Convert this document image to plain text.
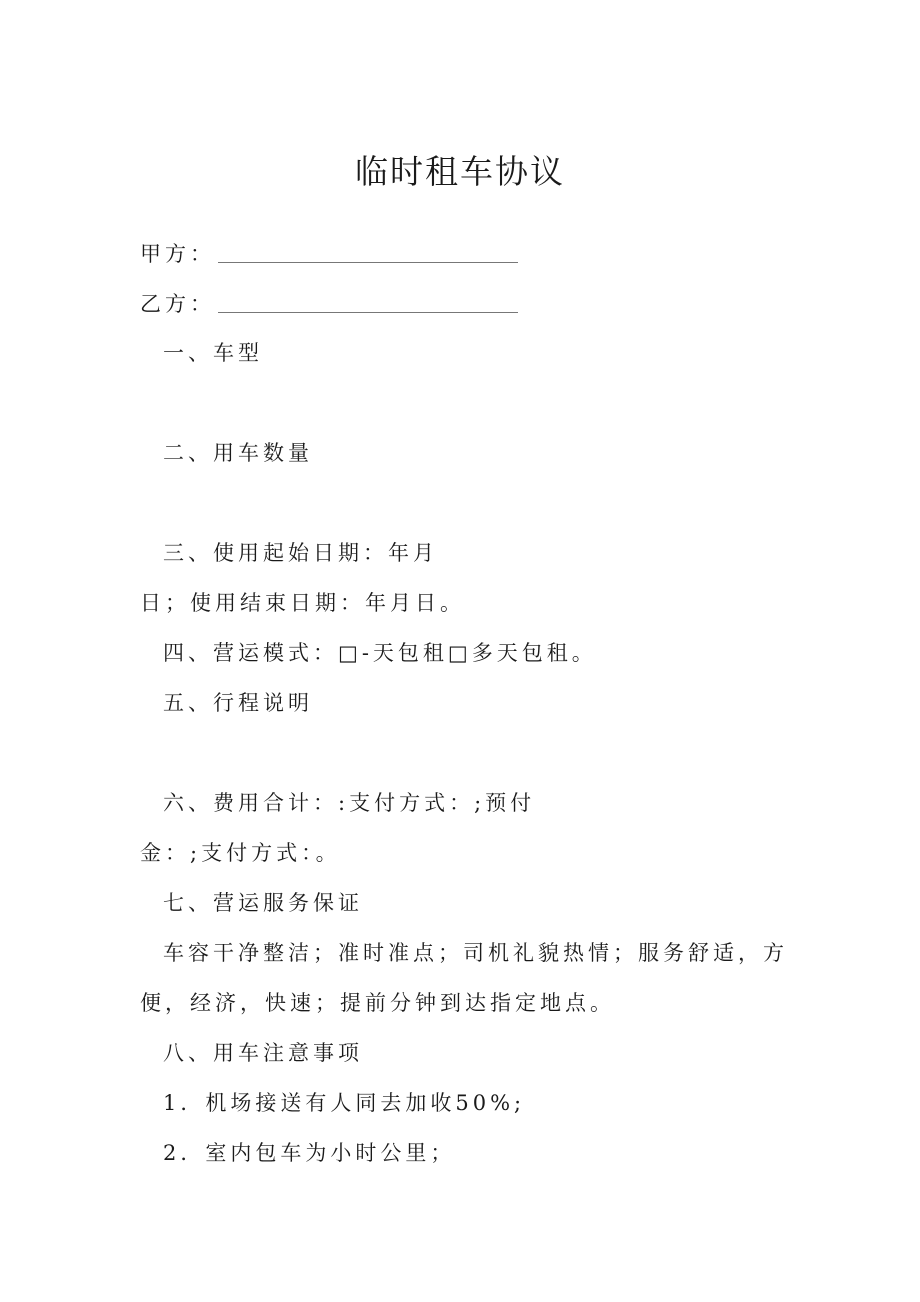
临时租车协议
甲方：
乙方：
一、车型
二、用车数量
三、使用起始日期：年月
日；使用结束日期：年月日。
四、营运模式：□-天包租□多天包租。
五、行程说明
六、费用合计：:支付方式：;预付
金：;支付方式：。
七、营运服务保证
车容干净整洁；准时准点；司机礼貌热情；服务舒适，方
便，经济，快速；提前分钟到达指定地点。
八、用车注意事项
1．机场接送有人同去加收50%;
2．室内包车为小时公里；
